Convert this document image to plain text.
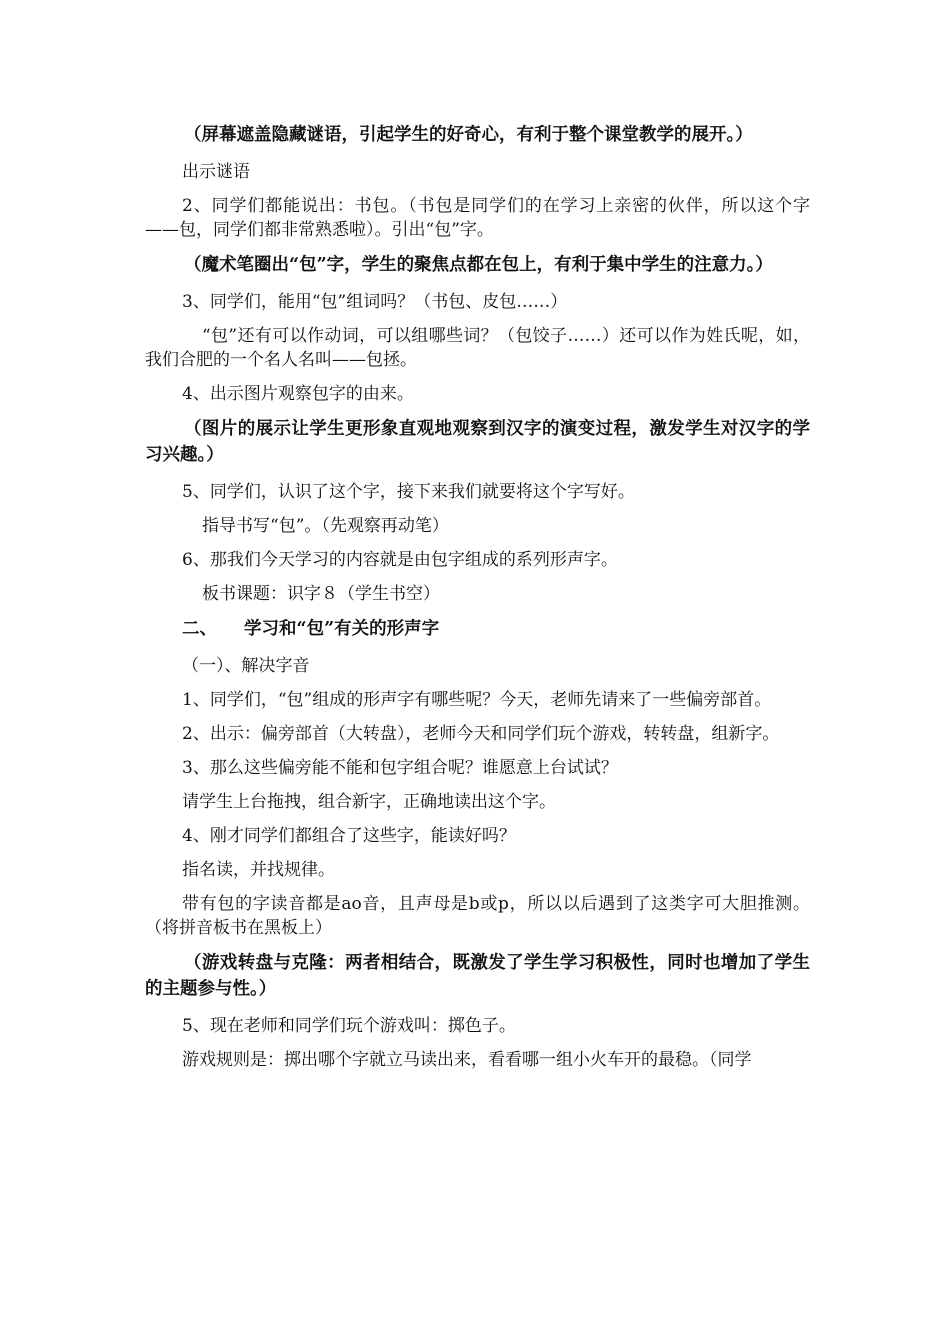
（屏幕遮盖隐藏谜语，引起学生的好奇心，有利于整个课堂教学的展开。）

出示谜语

2、同学们都能说出：书包。（书包是同学们的在学习上亲密的伙伴，所以这个字——包，同学们都非常熟悉啦）。引出“包”字。

（魔术笔圈出“包”字，学生的聚焦点都在包上，有利于集中学生的注意力。）

3、同学们，能用“包”组词吗？（书包、皮包……）

“包”还有可以作动词，可以组哪些词？（包饺子……）还可以作为姓氏呢，如，我们合肥的一个名人名叫——包拯。

4、出示图片观察包字的由来。

（图片的展示让学生更形象直观地观察到汉字的演变过程，激发学生对汉字的学习兴趣。）

5、同学们，认识了这个字，接下来我们就要将这个字写好。

指导书写“包”。（先观察再动笔）

6、那我们今天学习的内容就是由包字组成的系列形声字。

板书课题：识字８（学生书空）

二、 学习和“包”有关的形声字

（一）、解决字音

1、同学们，“包”组成的形声字有哪些呢？今天，老师先请来了一些偏旁部首。

2、出示：偏旁部首（大转盘），老师今天和同学们玩个游戏，转转盘，组新字。

3、那么这些偏旁能不能和包字组合呢？谁愿意上台试试？

请学生上台拖拽，组合新字，正确地读出这个字。

4、刚才同学们都组合了这些字，能读好吗？

指名读，并找规律。

带有包的字读音都是ao音，且声母是b或p，所以以后遇到了这类字可大胆推测。（将拼音板书在黑板上）

（游戏转盘与克隆：两者相结合，既激发了学生学习积极性，同时也增加了学生的主题参与性。）

5、现在老师和同学们玩个游戏叫：掷色子。

游戏规则是：掷出哪个字就立马读出来，看看哪一组小火车开的最稳。（同学
